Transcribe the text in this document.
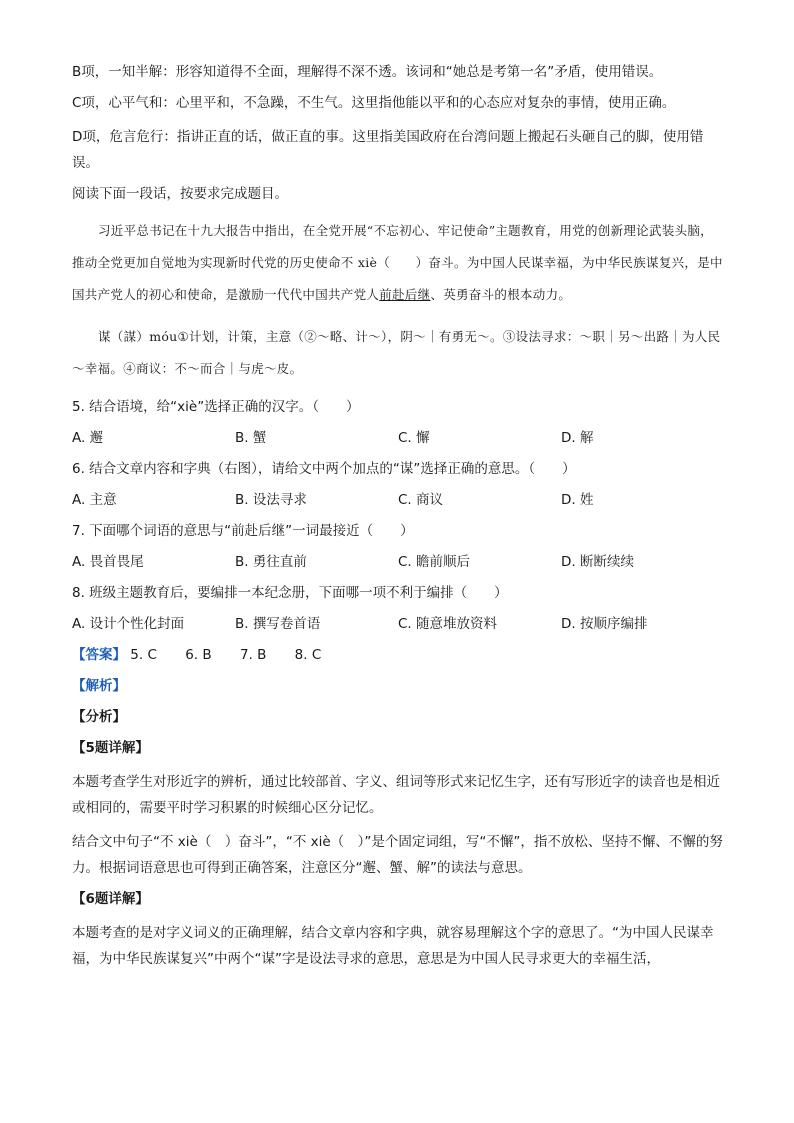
B项，一知半解：形容知道得不全面，理解得不深不透。该词和“她总是考第一名”矛盾，使用错误。
C项，心平气和：心里平和，不急躁，不生气。这里指他能以平和的心态应对复杂的事情，使用正确。
D项，危言危行：指讲正直的话，做正直的事。这里指美国政府在台湾问题上搬起石头砸自己的脚，使用错误。
阅读下面一段话，按要求完成题目。

习近平总书记在十九大报告中指出，在全党开展“不忘初心、牢记使命”主题教育，用党的创新理论武装头脑，推动全党更加自觉地为实现新时代党的历史使命不 xiè（　　）奋斗。为中国人民谋幸福，为中华民族谋复兴，是中国共产党人的初心和使命，是激励一代代中国共产党人前赴后继、英勇奋斗的根本动力。

谋（謀）móu①计划，计策，主意（②～略、计～），阴～｜有勇无～。③设法寻求：～职｜另～出路｜为人民～幸福。④商议：不～而合｜与虎～皮。

5. 结合语境，给“xiè”选择正确的汉字。（　　）
A. 邂	B. 蟹	C. 懈	D. 解
6. 结合文章内容和字典（右图），请给文中两个加点的“谋”选择正确的意思。（　　）
A. 主意	B. 设法寻求	C. 商议	D. 姓
7. 下面哪个词语的意思与“前赴后继”一词最接近（　　）
A. 畏首畏尾	B. 勇往直前	C. 瞻前顺后	D. 断断续续
8. 班级主题教育后，要编排一本纪念册，下面哪一项不利于编排（　　）
A. 设计个性化封面	B. 撰写卷首语	C. 随意堆放资料	D. 按顺序编排
【答案】 5. C 6. B 7. B 8. C
【解析】
【分析】
【5题详解】
本题考查学生对形近字的辨析，通过比较部首、字义、组词等形式来记忆生字，还有写形近字的读音也是相近或相同的，需要平时学习积累的时候细心区分记忆。
结合文中句子“不 xiè（　）奋斗”，“不 xiè（　）”是个固定词组，写“不懈”，指不放松、坚持不懈、不懈的努力。根据词语意思也可得到正确答案，注意区分“邂、蟹、解”的读法与意思。
【6题详解】
本题考查的是对字义词义的正确理解，结合文章内容和字典，就容易理解这个字的意思了。“为中国人民谋幸福，为中华民族谋复兴”中两个“谋”字是设法寻求的意思，意思是为中国人民寻求更大的幸福生活，
